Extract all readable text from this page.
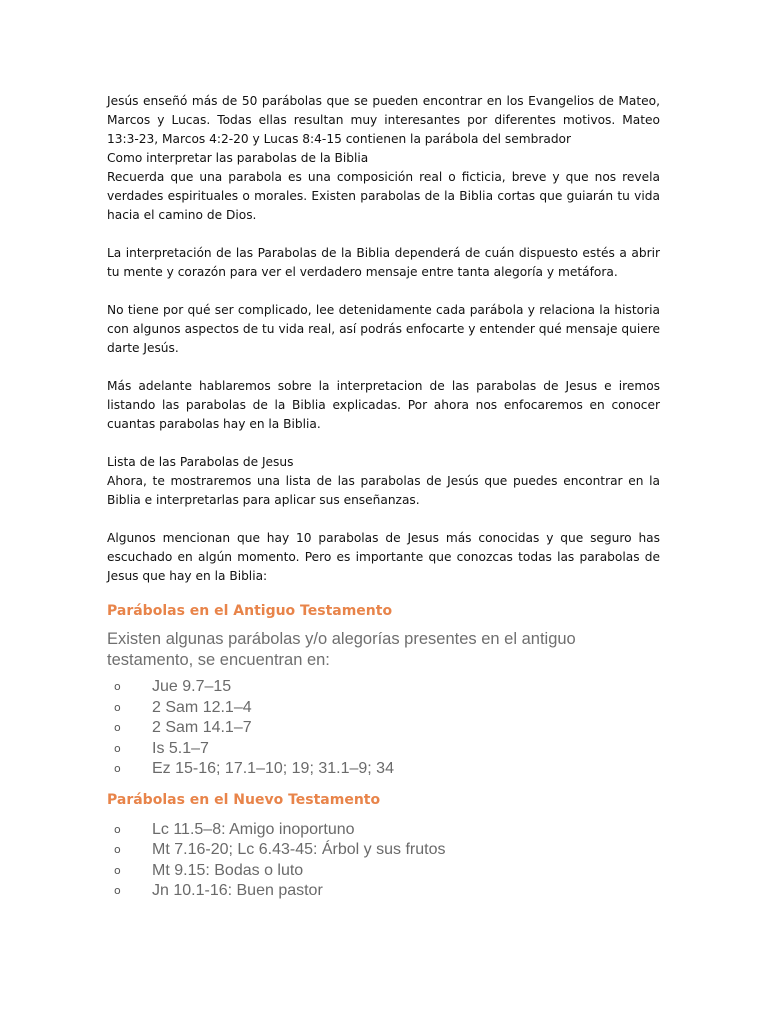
Jesús enseñó más de 50 parábolas que se pueden encontrar en los Evangelios de Mateo, Marcos y Lucas. Todas ellas resultan muy interesantes por diferentes motivos. Mateo 13:3-23, Marcos 4:2-20 y Lucas 8:4-15 contienen la parábola del sembrador

Como interpretar las parabolas de la Biblia

Recuerda que una parabola es una composición real o ficticia, breve y que nos revela verdades espirituales o morales. Existen parabolas de la Biblia cortas que guiarán tu vida hacia el camino de Dios.

La interpretación de las Parabolas de la Biblia dependerá de cuán dispuesto estés a abrir tu mente y corazón para ver el verdadero mensaje entre tanta alegoría y metáfora.

No tiene por qué ser complicado, lee detenidamente cada parábola y relaciona la historia con algunos aspectos de tu vida real, así podrás enfocarte y entender qué mensaje quiere darte Jesús.

Más adelante hablaremos sobre la interpretacion de las parabolas de Jesus e iremos listando las parabolas de la Biblia explicadas. Por ahora nos enfocaremos en conocer cuantas parabolas hay en la Biblia.

Lista de las Parabolas de Jesus

Ahora, te mostraremos una lista de las parabolas de Jesús que puedes encontrar en la Biblia e interpretarlas para aplicar sus enseñanzas.

Algunos mencionan que hay 10 parabolas de Jesus más conocidas y que seguro has escuchado en algún momento. Pero es importante que conozcas todas las parabolas de Jesus que hay en la Biblia:

Parábolas en el Antiguo Testamento

Existen algunas parábolas y/o alegorías presentes en el antiguo testamento, se encuentran en:

o Jue 9.7–15
o 2 Sam 12.1–4
o 2 Sam 14.1–7
o Is 5.1–7
o Ez 15-16; 17.1–10; 19; 31.1–9; 34
Parábolas en el Nuevo Testamento
o Lc 11.5–8: Amigo inoportuno
o Mt 7.16-20; Lc 6.43-45: Árbol y sus frutos
o Mt 9.15: Bodas o luto
o Jn 10.1-16: Buen pastor
